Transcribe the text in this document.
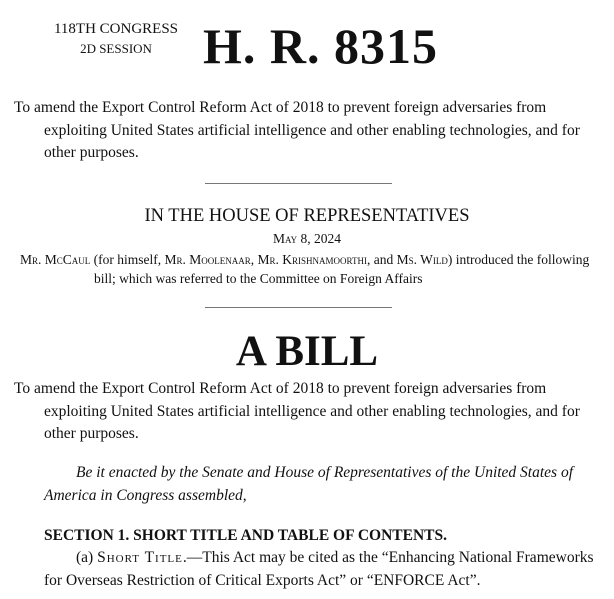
118TH CONGRESS
2D SESSION	H. R. 8315
To amend the Export Control Reform Act of 2018 to prevent foreign adversaries from exploiting United States artificial intelligence and other enabling technologies, and for other purposes.
IN THE HOUSE OF REPRESENTATIVES
May 8, 2024
Mr. McCaul (for himself, Mr. Moolenaar, Mr. Krishnamoorthi, and Ms. Wild) introduced the following bill; which was referred to the Committee on Foreign Affairs
A BILL
To amend the Export Control Reform Act of 2018 to prevent foreign adversaries from exploiting United States artificial intelligence and other enabling technologies, and for other purposes.
Be it enacted by the Senate and House of Representatives of the United States of America in Congress assembled,
SECTION 1. SHORT TITLE AND TABLE OF CONTENTS.
(a) Short Title.—This Act may be cited as the “Enhancing National Frameworks for Overseas Restriction of Critical Exports Act” or “ENFORCE Act”.
